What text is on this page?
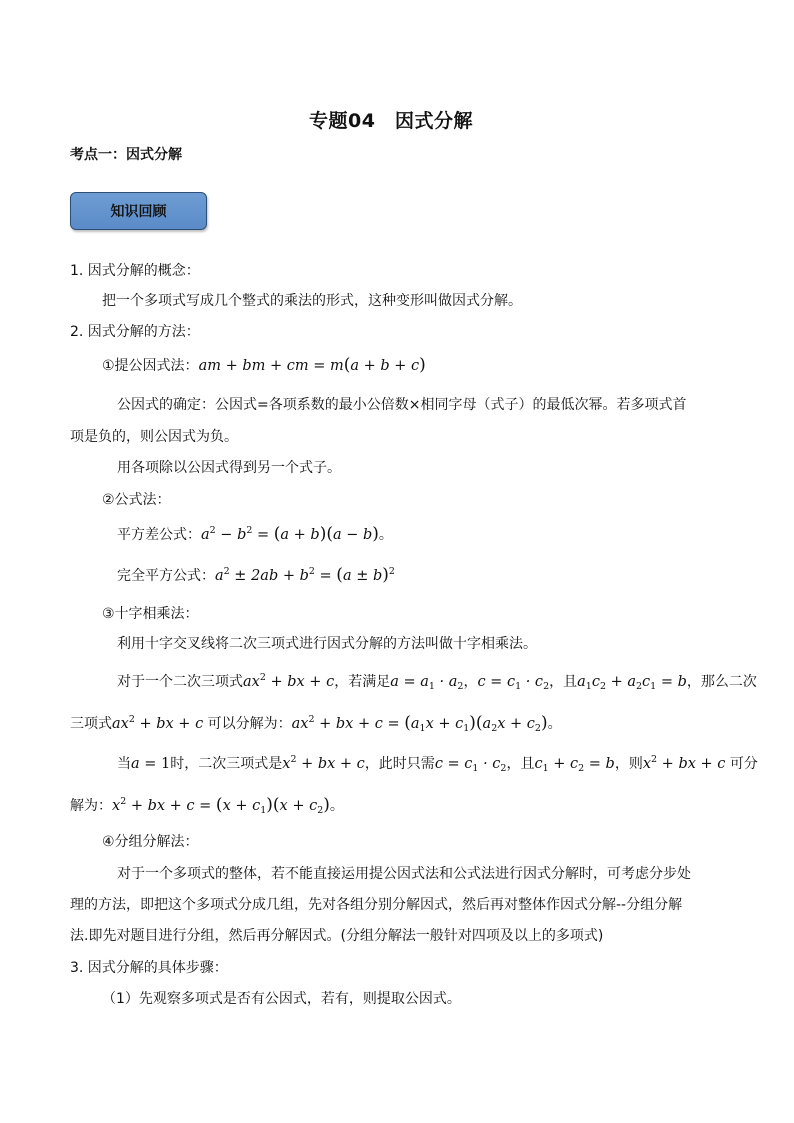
专题04　因式分解
考点一：因式分解
知识回顾
1. 因式分解的概念：
把一个多项式写成几个整式的乘法的形式，这种变形叫做因式分解。
2. 因式分解的方法：
①提公因式法：am + bm + cm = m(a + b + c)
公因式的确定：公因式=各项系数的最小公倍数×相同字母（式子）的最低次幂。若多项式首
项是负的，则公因式为负。
用各项除以公因式得到另一个式子。
②公式法：
平方差公式：$a^2 - b^2 = (a + b)(a - b)$。
完全平方公式：$a^2 \pm 2ab + b^2 = (a \pm b)^2$
③十字相乘法：
利用十字交叉线将二次三项式进行因式分解的方法叫做十字相乘法。
对于一个二次三项式$ax^2$ + bx + c，若满足$a = a_1 \cdot a_2$，$c = c_1 \cdot c_2$，且$a_1c_2 + a_2c_1 = b$，那么二次
三项式$ax^2$ + bx + c 可以分解为：$ax^2$ + bx + $c = (a_1x + c_1)(a_2x + c_2)$。
当a = 1时，二次三项式是$x^2$ + bx + c，此时只需$c = c_1 \cdot c_2$，且$c_1 + c_2 = b$，则$x^2$ + bx + c 可分
解为：$x^2$ + bx + $c = (x + c_1)(x + c_2)$。
④分组分解法：
对于一个多项式的整体，若不能直接运用提公因式法和公式法进行因式分解时，可考虑分步处
理的方法，即把这个多项式分成几组，先对各组分别分解因式，然后再对整体作因式分解--分组分解
法.即先对题目进行分组，然后再分解因式。(分组分解法一般针对四项及以上的多项式)
3. 因式分解的具体步骤：
（1）先观察多项式是否有公因式，若有，则提取公因式。
